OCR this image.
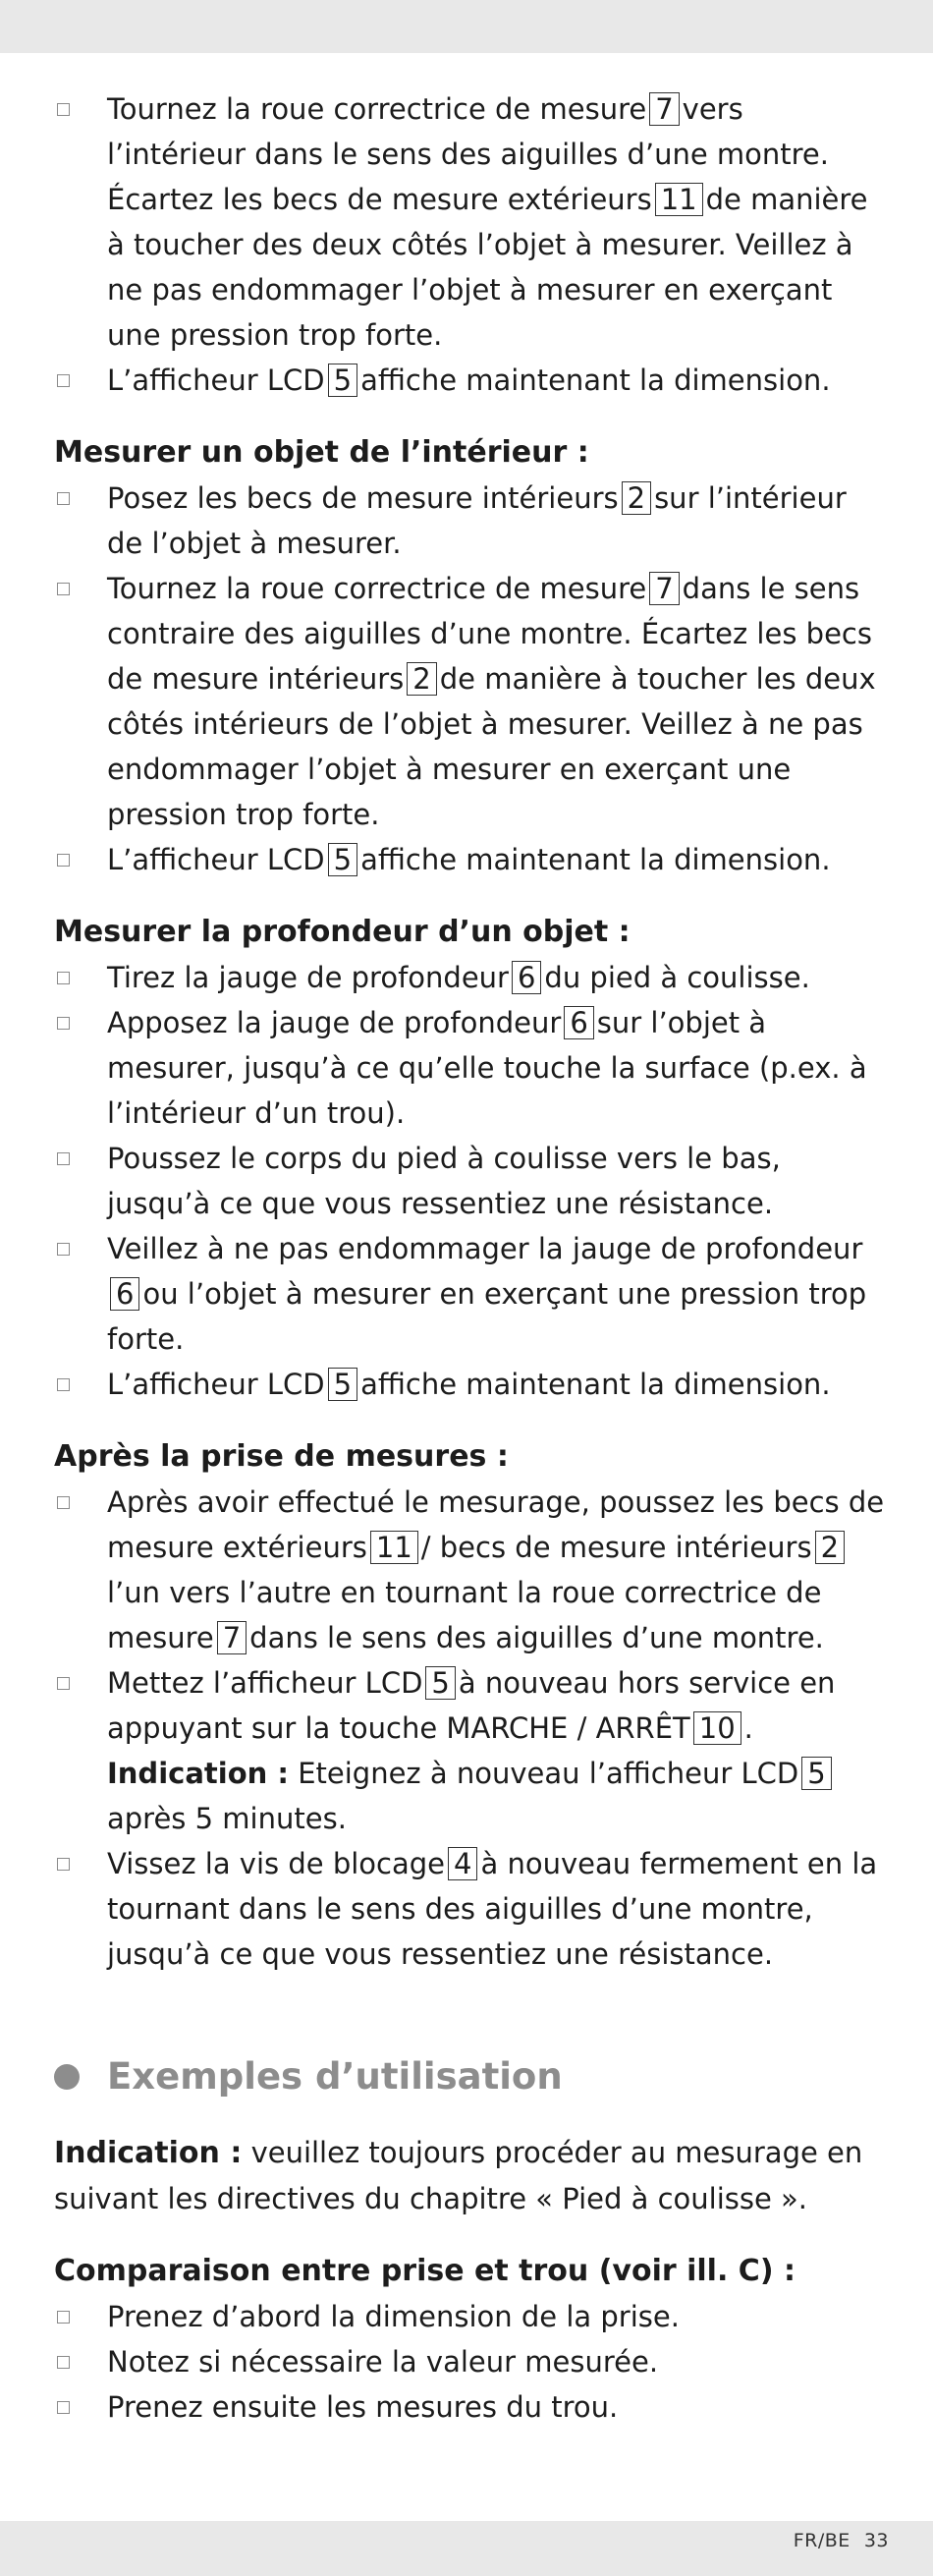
Tournez la roue correctrice de mesure 7 vers l’intérieur dans le sens des aiguilles d’une montre. Écartez les becs de mesure extérieurs 11 de manière à toucher des deux côtés l’objet à mesurer. Veillez à ne pas endommager l’objet à mesurer en exerçant une pression trop forte.
L’afficheur LCD 5 affiche maintenant la dimension.
Mesurer un objet de l’intérieur :
Posez les becs de mesure intérieurs 2 sur l’intérieur de l’objet à mesurer.
Tournez la roue correctrice de mesure 7 dans le sens contraire des aiguilles d’une montre. Écartez les becs de mesure intérieurs 2 de manière à toucher les deux côtés intérieurs de l’objet à mesurer. Veillez à ne pas endommager l’objet à mesurer en exerçant une pression trop forte.
L’afficheur LCD 5 affiche maintenant la dimension.
Mesurer la profondeur d’un objet :
Tirez la jauge de profondeur 6 du pied à coulisse.
Apposez la jauge de profondeur 6 sur l’objet à mesurer, jusqu’à ce qu’elle touche la surface (p.ex. à l’intérieur d’un trou).
Poussez le corps du pied à coulisse vers le bas, jusqu’à ce que vous ressentiez une résistance.
Veillez à ne pas endommager la jauge de profondeur6 ou l’objet à mesurer en exerçant une pression trop forte.
L’afficheur LCD 5 affiche maintenant la dimension.
Après la prise de mesures :
Après avoir effectué le mesurage, poussez les becs de mesure extérieurs 11 / becs de mesure intérieurs 2l’un vers l’autre en tournant la roue correctrice de mesure 7 dans le sens des aiguilles d’une montre.
Mettez l’afficheur LCD 5 à nouveau hors service en appuyant sur la touche MARCHE / ARRÊT 10 .
Indication : Eteignez à nouveau l’afficheur LCD 5après 5 minutes.
Vissez la vis de blocage 4 à nouveau fermement en la tournant dans le sens des aiguilles d’une montre, jusqu’à ce que vous ressentiez une résistance.
Exemples d’utilisation
Indication : veuillez toujours procéder au mesurage en suivant les directives du chapitre « Pied à coulisse ».
Comparaison entre prise et trou (voir ill. C) :
Prenez d’abord la dimension de la prise.
Notez si nécessaire la valeur mesurée.
Prenez ensuite les mesures du trou.
FR/BE 33
